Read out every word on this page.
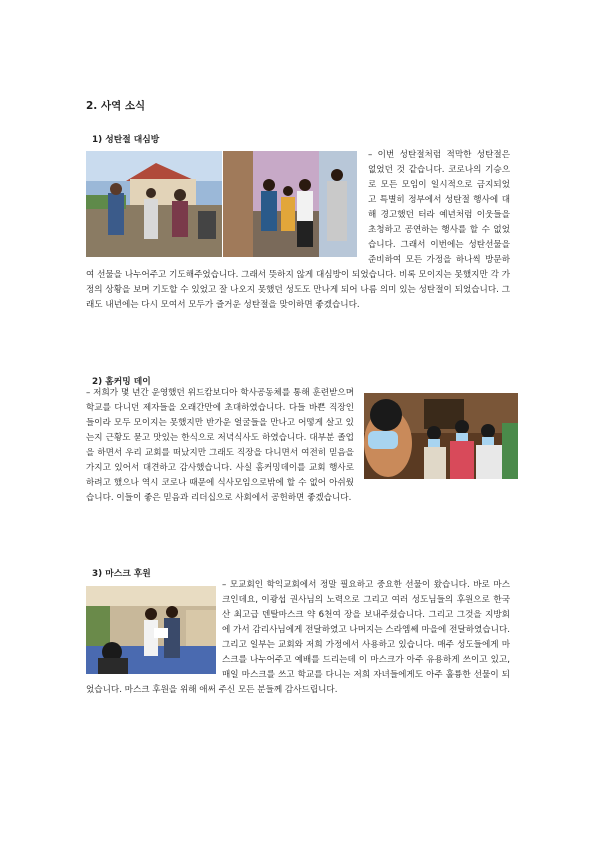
2. 사역 소식
1) 성탄절 대심방

– 이번 성탄절처럼 적막한 성탄절은 없었던 것 같습니다. 코로나의 기승으로 모든 모임이 일시적으로 금지되었고 특별히 정부에서 성탄절 행사에 대해 경고했던 터라 예년처럼 이웃들을 초청하고 공연하는 행사를 할 수 없었습니다. 그래서 이번에는 성탄선물을 준비하여 모든 가정을 하나씩 방문하여 선물을 나누어주고 기도해주었습니다. 그래서 뜻하지 않게 대심방이 되었습니다. 비록 모이지는 못했지만 각 가정의 상황을 보며 기도할 수 있었고 잘 나오지 못했던 성도도 만나게 되어 나름 의미 있는 성탄절이 되었습니다. 그래도 내년에는 다시 모여서 모두가 즐거운 성탄절을 맞이하면 좋겠습니다.

2) 홈커밍 데이

– 저희가 몇 년간 운영했던 위드캄보디아 학사공동체를 통해 훈련받으며 학교를 다니던 제자들을 오래간만에 초대하였습니다. 다들 바쁜 직장인들이라 모두 모이지는 못했지만 반가운 얼굴들을 만나고 어떻게 살고 있는지 근황도 묻고 맛있는 한식으로 저녁식사도 하였습니다. 대부분 졸업을 하면서 우리 교회를 떠났지만 그래도 직장을 다니면서 여전히 믿음을 가지고 있어서 대견하고 감사했습니다. 사실 홈커밍데이를 교회 행사로 하려고 했으나 역시 코로나 때문에 식사모임으로밖에 할 수 없어 아쉬웠습니다. 이들이 좋은 믿음과 리더십으로 사회에서 공헌하면 좋겠습니다.

3) 마스크 후원

– 모교회인 학익교회에서 정말 필요하고 중요한 선물이 왔습니다. 바로 마스크인데요, 이광섭 권사님의 노력으로 그리고 여러 성도님들의 후원으로 한국산 최고급 덴탈마스크 약 6천여 장을 보내주셨습니다. 그리고 그것을 지방회에 가서 감리사님에게 전달하였고 나머지는 스라엠쎄 마을에 전달하였습니다. 그리고 일부는 교회와 저희 가정에서 사용하고 있습니다. 매주 성도들에게 마스크를 나누어주고 예배를 드리는데 이 마스크가 아주 유용하게 쓰이고 있고, 매일 마스크를 쓰고 학교를 다니는 저희 자녀들에게도 아주 훌륭한 선물이 되었습니다. 마스크 후원을 위해 애써 주신 모든 분들께 감사드립니다.
